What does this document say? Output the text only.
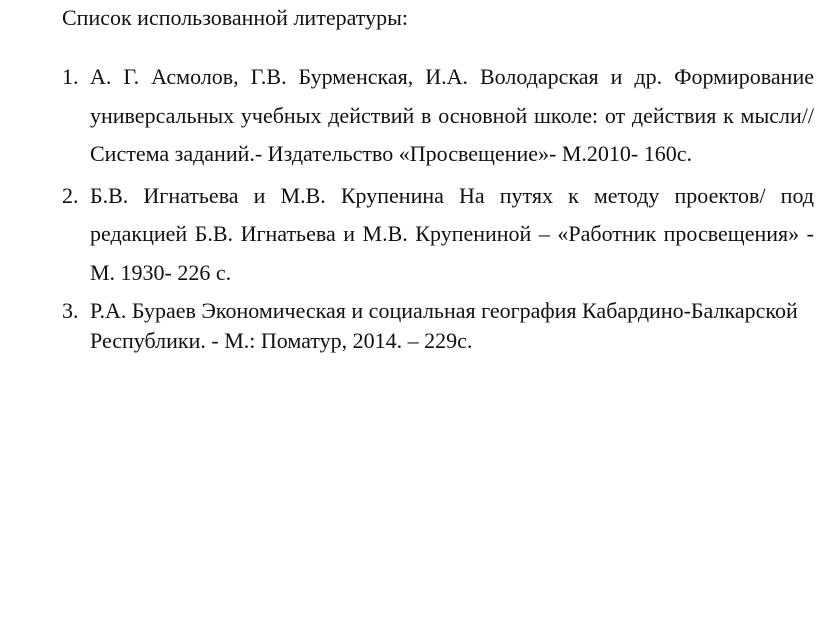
Список использованной литературы:
1. А. Г. Асмолов, Г.В. Бурменская, И.А. Володарская и др. Формирование универсальных учебных действий в основной школе: от действия к мысли// Система заданий.- Издательство «Просвещение»- М.2010- 160с.
2. Б.В. Игнатьева и М.В. Крупенина На путях к методу проектов/ под редакцией Б.В. Игнатьева и М.В. Крупениной – «Работник просвещения» - М. 1930- 226 с.
3. Р.А. Бураев Экономическая и социальная география Кабардино-Балкарской Республики. - М.: Поматур, 2014. – 229с.
